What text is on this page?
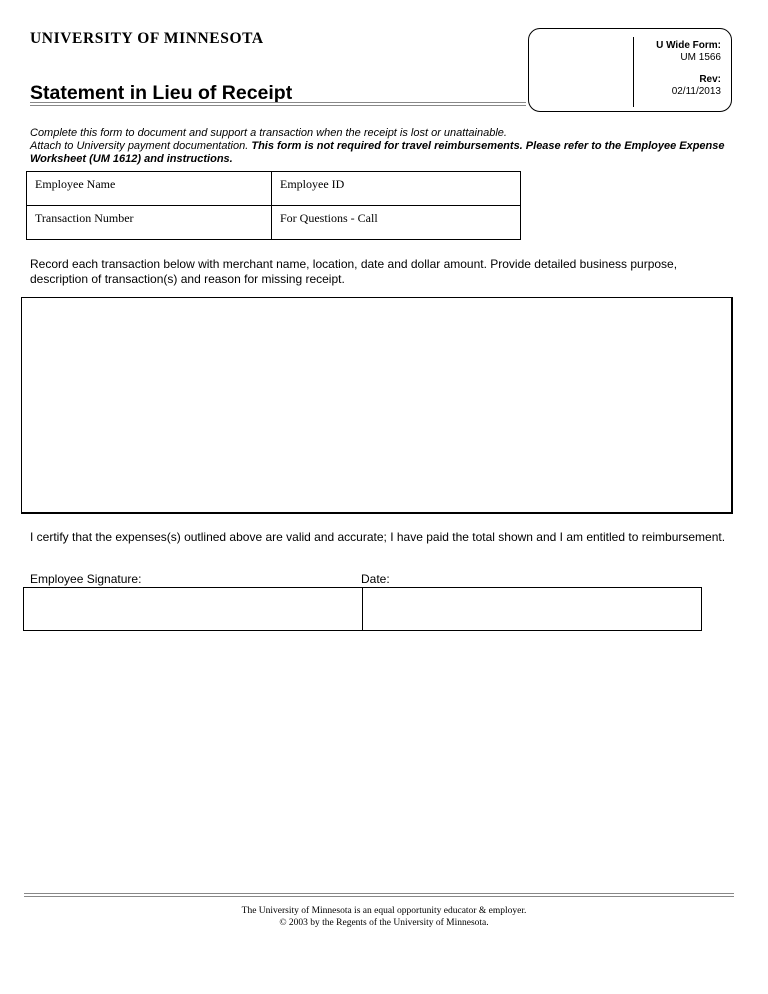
UNIVERSITY OF MINNESOTA	U Wide Form:
UM 1566
Rev:
02/11/2013
Statement in Lieu of Receipt
Complete this form to document and support a transaction when the receipt is lost or unattainable.
Attach to University payment documentation. This form is not required for travel reimbursements. Please refer to the Employee Expense Worksheet (UM 1612) and instructions.
Employee Name	Employee ID
Transaction Number	For Questions - Call
Record each transaction below with merchant name, location, date and dollar amount. Provide detailed business purpose, description of transaction(s) and reason for missing receipt.
I certify that the expenses(s) outlined above are valid and accurate; I have paid the total shown and I am entitled to reimbursement.
Employee Signature:	Date:
The University of Minnesota is an equal opportunity educator & employer.
© 2003 by the Regents of the University of Minnesota.
